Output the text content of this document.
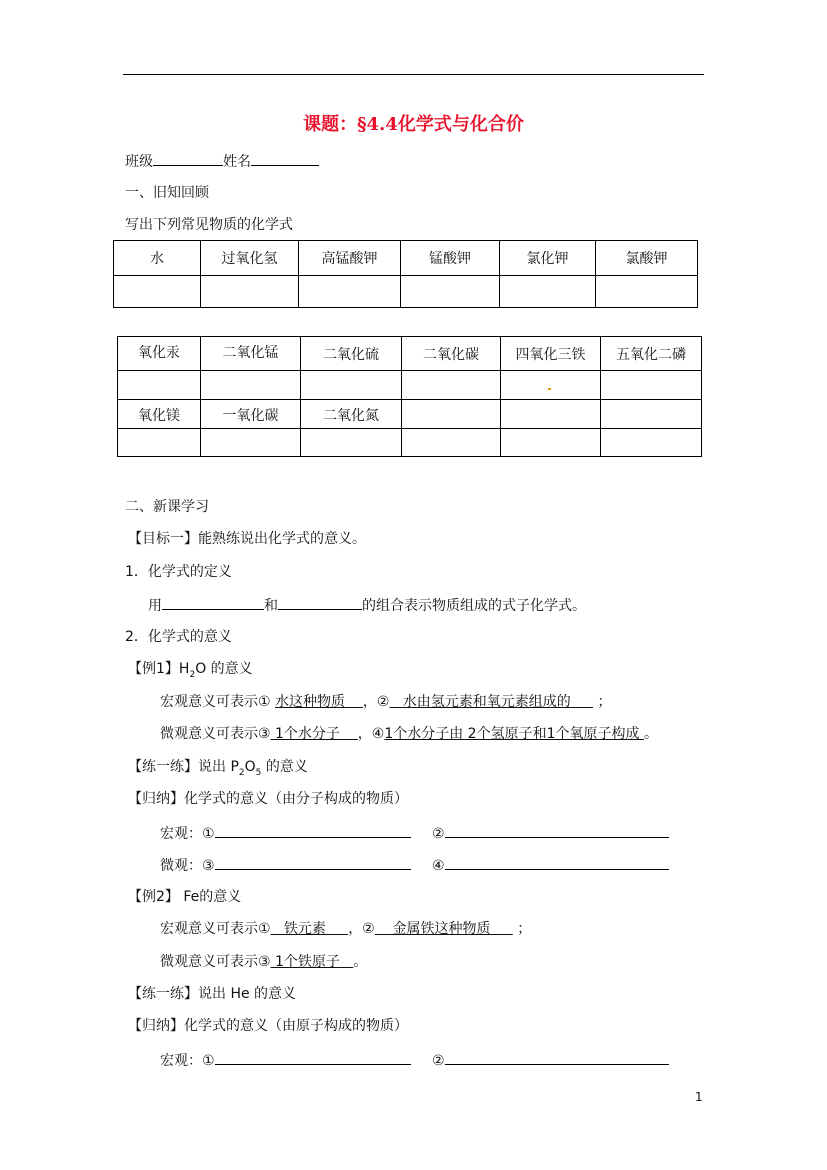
课题：§4.4化学式与化合价
班级	姓名
一、旧知回顾
写出下列常见物质的化学式
水	过氧化氢	高锰酸钾	锰酸钾	氯化钾	氯酸钾

氧化汞	二氧化锰	二氧化硫	二氧化碳	四氧化三铁	五氧化二磷

氧化镁	一氧化碳	二氧化氮			

二、新课学习
【目标一】能熟练说出化学式的意义。
1．化学式的定义
用	和	的组合表示物质组成的式子化学式。
2．化学式的意义
【例1】$H_2O$ 的意义
宏观意义可表示① 水这种物质 ，② 水由氢元素和氧元素组成的 ；
微观意义可表示③ 1个水分子 ，④1个水分子由 2个氢原子和1个氧原子构成 。
【练一练】说出 $P_2O_5$ 的意义
【归纳】化学式的意义（由分子构成的物质）
宏观：①	②
微观：③	④
【例2】 Fe的意义
宏观意义可表示① 铁元素 ，② 金属铁这种物质 ；
微观意义可表示③ 1个铁原子 。
【练一练】说出 He 的意义
【归纳】化学式的意义（由原子构成的物质）
宏观：①	②
1
